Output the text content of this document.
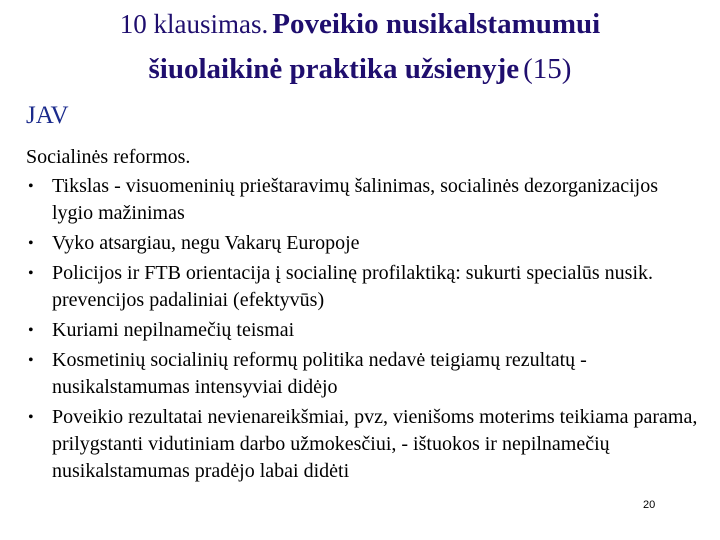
10 klausimas. Poveikio nusikalstamumui
šiuolaikinė praktika užsienyje (15)
JAV
Socialinės reformos.
• Tikslas - visuomeninių prieštaravimų šalinimas, socialinės dezorganizacijos lygio mažinimas
• Vyko atsargiau, negu Vakarų Europoje
• Policijos ir FTB orientacija į socialinę profilaktiką: sukurti specialūs nusik. prevencijos padaliniai (efektyvūs)
• Kuriami nepilnamečių teismai
• Kosmetinių socialinių reformų politika nedavė teigiamų rezultatų - nusikalstamumas intensyviai didėjo
• Poveikio rezultatai nevienareikšmiai, pvz, vienišoms moterims teikiama parama, prilygstanti vidutiniam darbo užmokesčiui, - ištuokos ir nepilnamečių nusikalstamumas pradėjo labai didėti
20
